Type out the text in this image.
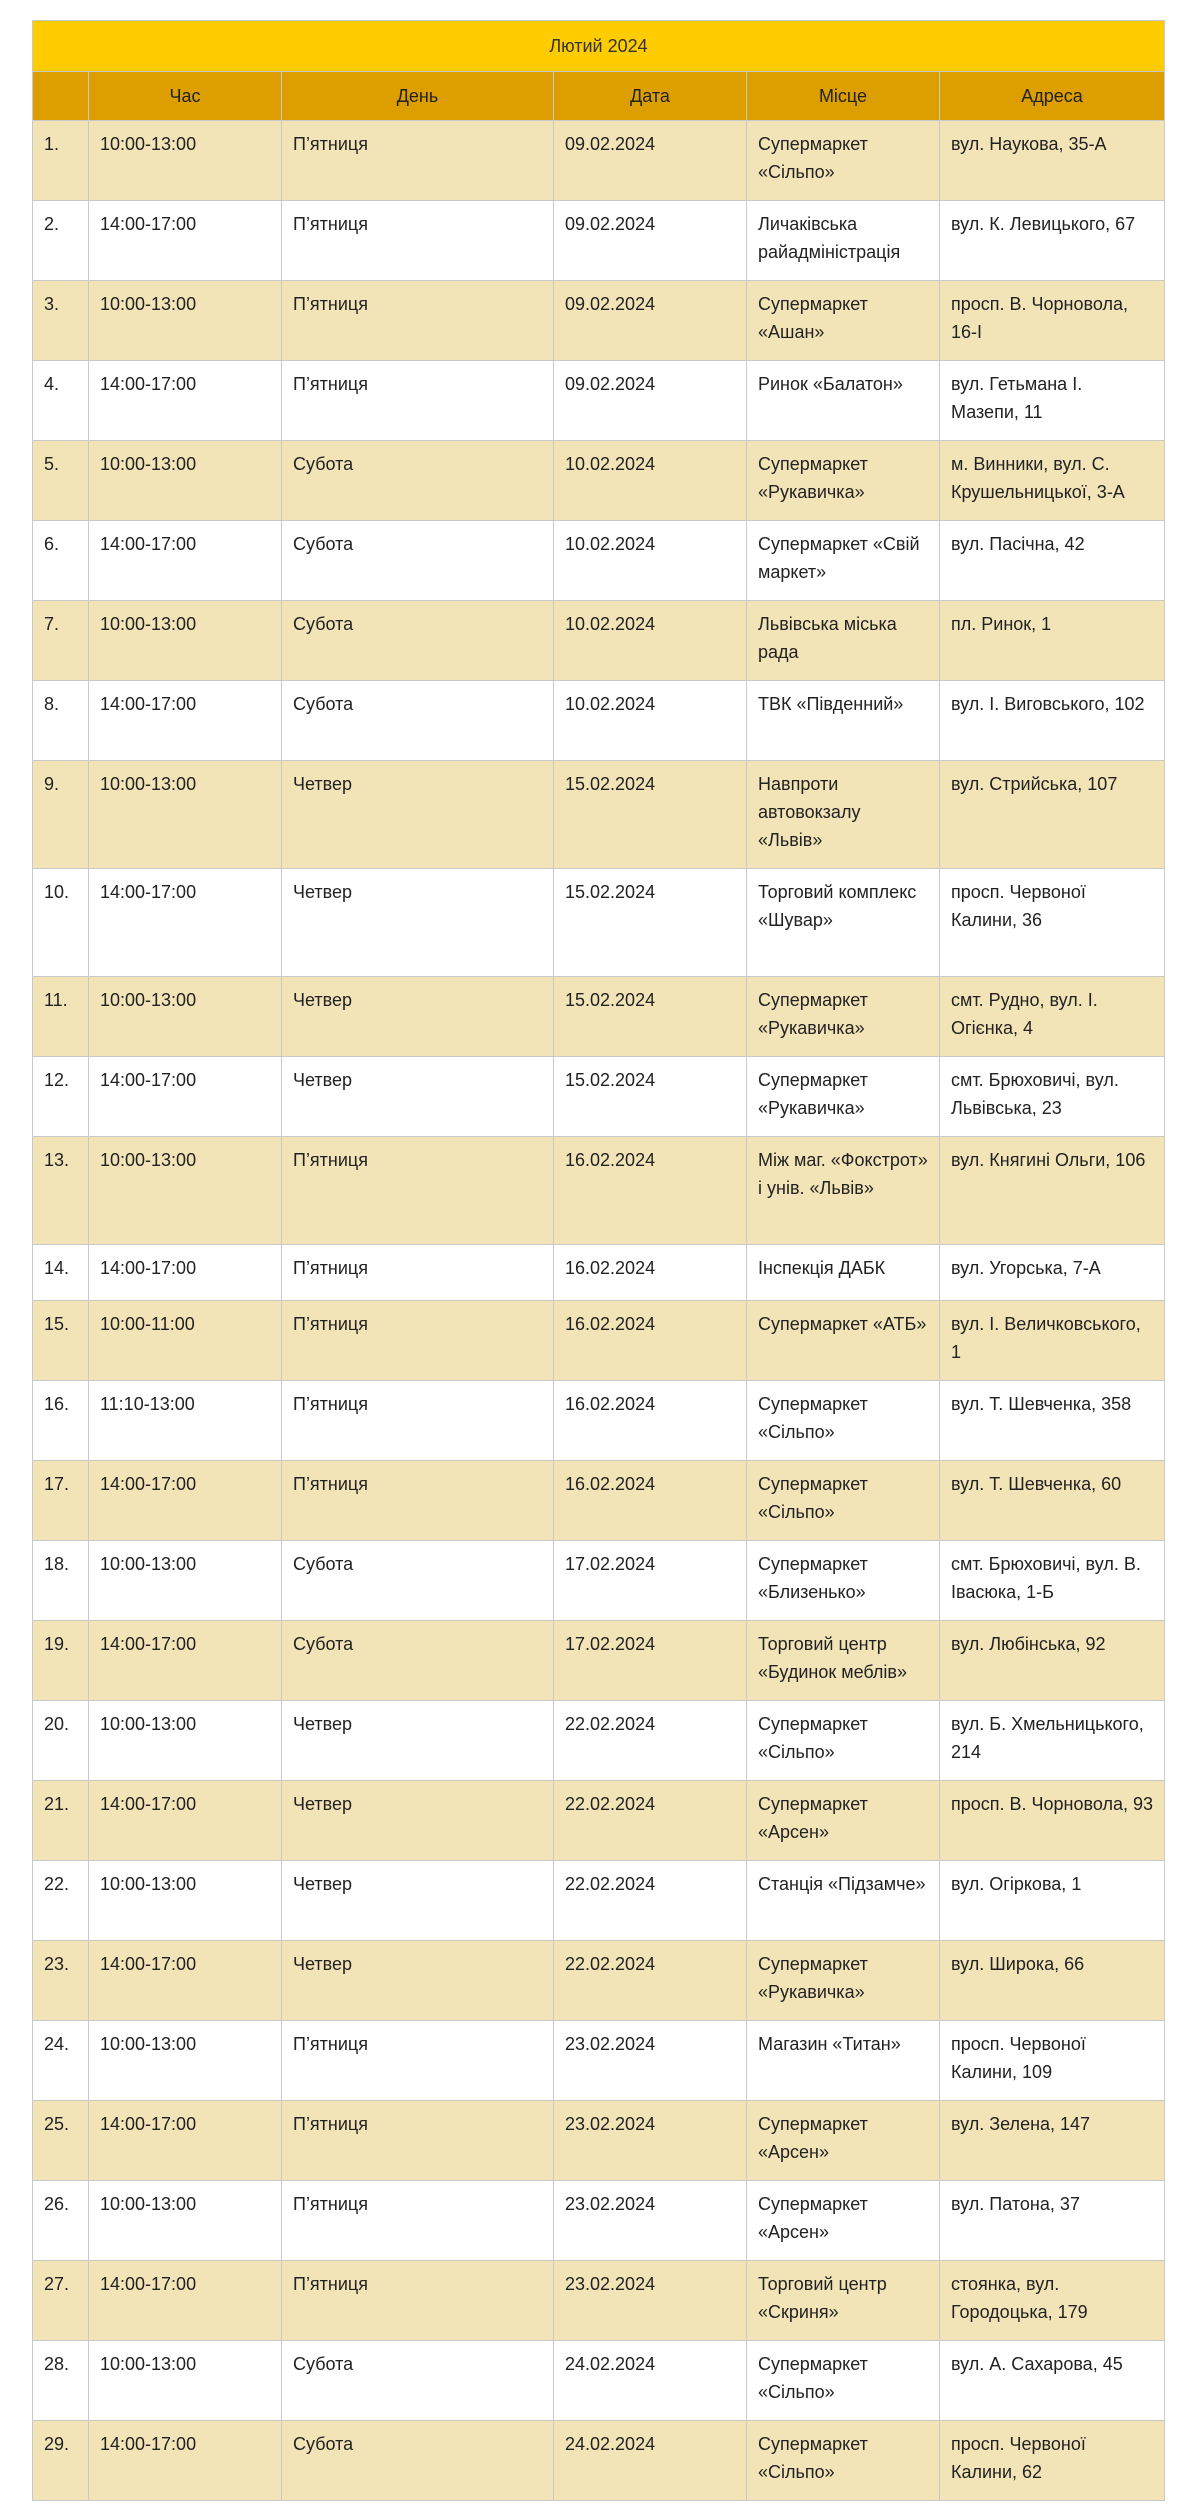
Лютий 2024					
	Час	День	Дата	Місце	Адреса
1.	10:00-13:00	П’ятниця	09.02.2024	Супермаркет «Сільпо»	вул. Наукова, 35-А
2.	14:00-17:00	П’ятниця	09.02.2024	Личаківська райадміністрація	вул. К. Левицького, 67
3.	10:00-13:00	П’ятниця	09.02.2024	Супермаркет «Ашан»	просп. В. Чорновола, 16-І
4.	14:00-17:00	П’ятниця	09.02.2024	Ринок «Балатон»	вул. Гетьмана І. Мазепи, 11
5.	10:00-13:00	Субота	10.02.2024	Супермаркет «Рукавичка»	м. Винники, вул. С. Крушельницької, 3-А
6.	14:00-17:00	Субота	10.02.2024	Супермаркет «Свій маркет»	вул. Пасічна, 42
7.	10:00-13:00	Субота	10.02.2024	Львівська міська рада	пл. Ринок, 1
8.	14:00-17:00	Субота	10.02.2024	ТВК «Південний»	вул. І. Виговського, 102
9.	10:00-13:00	Четвер	15.02.2024	Навпроти автовокзалу «Львів»	вул. Стрийська, 107
10.	14:00-17:00	Четвер	15.02.2024	Торговий комплекс «Шувар»	просп. Червоної Калини, 36
11.	10:00-13:00	Четвер	15.02.2024	Супермаркет «Рукавичка»	смт. Рудно, вул. І. Огієнка, 4
12.	14:00-17:00	Четвер	15.02.2024	Супермаркет «Рукавичка»	смт. Брюховичі, вул. Львівська, 23
13.	10:00-13:00	П’ятниця	16.02.2024	Між маг. «Фокстрот» і унів. «Львів»	вул. Княгині Ольги, 106
14.	14:00-17:00	П’ятниця	16.02.2024	Інспекція ДАБК	вул. Угорська, 7-А
15.	10:00-11:00	П’ятниця	16.02.2024	Супермаркет «АТБ»	вул. І. Величковського, 1
16.	11:10-13:00	П’ятниця	16.02.2024	Супермаркет «Сільпо»	вул. Т. Шевченка, 358
17.	14:00-17:00	П’ятниця	16.02.2024	Супермаркет «Сільпо»	вул. Т. Шевченка, 60
18.	10:00-13:00	Субота	17.02.2024	Супермаркет «Близенько»	смт. Брюховичі, вул. В. Івасюка, 1-Б
19.	14:00-17:00	Субота	17.02.2024	Торговий центр «Будинок меблів»	вул. Любінська, 92
20.	10:00-13:00	Четвер	22.02.2024	Супермаркет «Сільпо»	вул. Б. Хмельницького, 214
21.	14:00-17:00	Четвер	22.02.2024	Супермаркет «Арсен»	просп. В. Чорновола, 93
22.	10:00-13:00	Четвер	22.02.2024	Станція «Підзамче»	вул. Огіркова, 1
23.	14:00-17:00	Четвер	22.02.2024	Супермаркет «Рукавичка»	вул. Широка, 66
24.	10:00-13:00	П’ятниця	23.02.2024	Магазин «Титан»	просп. Червоної Калини, 109
25.	14:00-17:00	П’ятниця	23.02.2024	Супермаркет «Арсен»	вул. Зелена, 147
26.	10:00-13:00	П’ятниця	23.02.2024	Супермаркет «Арсен»	вул. Патона, 37
27.	14:00-17:00	П’ятниця	23.02.2024	Торговий центр «Скриня»	стоянка, вул. Городоцька, 179
28.	10:00-13:00	Субота	24.02.2024	Супермаркет «Сільпо»	вул. А. Сахарова, 45
29.	14:00-17:00	Субота	24.02.2024	Супермаркет «Сільпо»	просп. Червоної Калини, 62
